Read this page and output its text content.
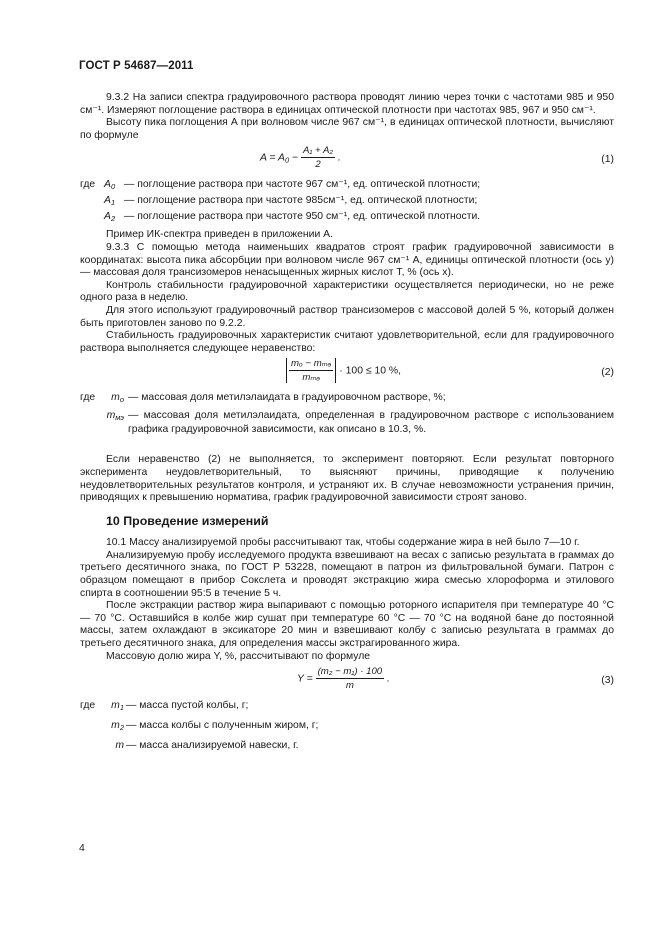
ГОСТ Р 54687—2011

9.3.2 На записи спектра градуировочного раствора проводят линию через точки с частотами 985 и 950 см⁻¹. Измеряют поглощение раствора в единицах оптической плотности при частотах 985, 967 и 950 см⁻¹.

Высоту пика поглощения А при волновом числе 967 см⁻¹, в единицах оптической плотности, вычисляют по формуле

$A = A_0 - \frac{\text{A₁ + A₂}}{2}$ .	(1)
где $A_0$ — поглощение раствора при частоте 967 см⁻¹, ед. оптической плотности;
$A_1$ — поглощение раствора при частоте 985см⁻¹, ед. оптической плотности;
$A_2$ — поглощение раствора при частоте 950 см⁻¹, ед. оптической плотности.

Пример ИК-спектра приведен в приложении А.

9.3.3 С помощью метода наименьших квадратов строят график градуировочной зависимости в координатах: высота пика абсорбции при волновом числе 967 см⁻¹ А, единицы оптической плотности (ось у) — массовая доля трансизомеров ненасыщенных жирных кислот Т, % (ось х).

Контроль стабильности градуировочной характеристики осуществляется периодически, но не реже одного раза в неделю.

Для этого используют градуировочный раствор трансизомеров с массовой долей 5 %, который должен быть приготовлен заново по 9.2.2.

Стабильность градуировочных характеристик считают удовлетворительной, если для градуировочного раствора выполняется следующее неравенство:

$\frac{\text{mₒ − mₘₔ}}{\text{mₘₔ}} \cdot 100 \le 10$ %,	(2)
где	$m_о$ — массовая доля метилэлаидата в градуировочном растворе, %;
$m_{мэ}$ — массовая доля метилэлаидата, определенная в градуировочном растворе с использованием графика градуировочной зависимости, как описано в 10.3, %.

Если неравенство (2) не выполняется, то эксперимент повторяют. Если результат повторного эксперимента неудовлетворительный, то выясняют причины, приводящие к получению неудовлетворительных результатов контроля, и устраняют их. В случае невозможности устранения причин, приводящих к превышению норматива, график градуировочной зависимости строят заново.

10 Проведение измерений

10.1 Массу анализируемой пробы рассчитывают так, чтобы содержание жира в ней было 7—10 г.

Анализируемую пробу исследуемого продукта взвешивают на весах с записью результата в граммах до третьего десятичного знака, по ГОСТ Р 53228, помещают в патрон из фильтровальной бумаги. Патрон с образцом помещают в прибор Сокслета и проводят экстракцию жира смесью хлороформа и этилового спирта в соотношении 95:5 в течение 5 ч.

После экстракции раствор жира выпаривают с помощью роторного испарителя при температуре 40 °С — 70 °С. Оставшийся в колбе жир сушат при температуре 60 °С — 70 °С на водяной бане до постоянной массы, затем охлаждают в эксикаторе 20 мин и взвешивают колбу с записью результата в граммах до третьего десятичного знака, для определения массы экстрагированного жира.

Массовую долю жира Y, %, рассчитывают по формуле

$Y = \frac{\text{(m₂ − m₁) · 100}}{m}$ .	(3)
где	$m_1$ — масса пустой колбы, г;
$m_2$ — масса колбы с полученным жиром, г;
m — масса анализируемой навески, г.
4
